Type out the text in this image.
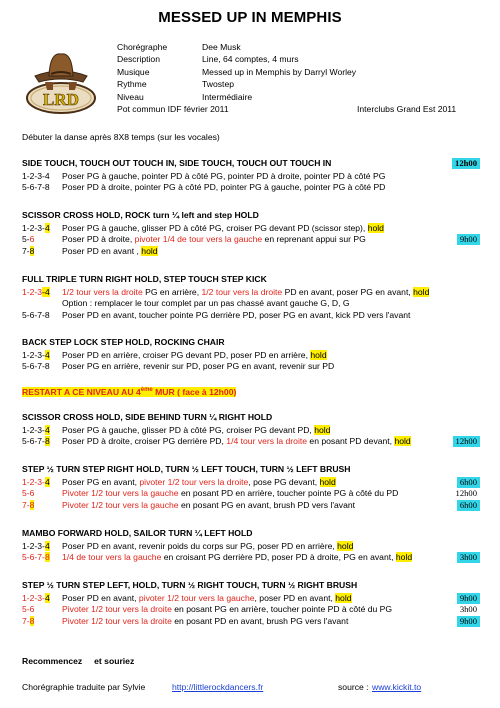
MESSED UP IN MEMPHIS
LRD
Chorégraphe	Dee Musk
Description	Line, 64 comptes, 4 murs
Musique	Messed up in Memphis by Darryl Worley
Rythme	Twostep
Niveau	Intermédiaire
Pot commun IDF février 2011	Interclubs Grand Est 2011
Débuter la danse après 8X8 temps (sur les vocales)
SIDE TOUCH, TOUCH OUT TOUCH IN, SIDE TOUCH, TOUCH OUT TOUCH IN	12h00
1-2-3-4 Poser PG à gauche, pointer PD à côté PG, pointer PD à droite, pointer PD à côté PG
5-6-7-8 Poser PD à droite, pointer PG à côté PD, pointer PG à gauche, pointer PG à côté PD
SCISSOR CROSS HOLD, ROCK turn ¼ left and step HOLD
1-2-3-4 Poser PG à gauche, glisser PD à côté PG, croiser PG devant PD (scissor step), hold
5-6	Poser PD à droite, pivoter 1/4 de tour vers la gauche en reprenant appui sur PG	9h00
7-8	Poser PD en avant , hold
FULL TRIPLE TURN RIGHT HOLD, STEP TOUCH STEP KICK
1-2-3-4 1/2 tour vers la droite PG en arrière, 1/2 tour vers la droite PD en avant, poser PG en avant, hold
Option : remplacer le tour complet par un pas chassé avant gauche G, D, G
5-6-7-8 Poser PD en avant, toucher pointe PG derrière PD, poser PG en avant, kick PD vers l'avant
BACK STEP LOCK STEP HOLD, ROCKING CHAIR
1-2-3-4 Poser PD en arrière, croiser PG devant PD, poser PD en arrière, hold
5-6-7-8 Poser PG en arrière, revenir sur PD, poser PG en avant, revenir sur PD
RESTART A CE NIVEAU AU 4ème MUR ( face à 12h00)
SCISSOR CROSS HOLD, SIDE BEHIND TURN ¼ RIGHT HOLD
1-2-3-4 Poser PG à gauche, glisser PD à côté PG, croiser PG devant PD, hold
5-6-7-8 Poser PD à droite, croiser PG derrière PD, 1/4 tour vers la droite en posant PD devant, hold	12h00
STEP ½ TURN STEP RIGHT HOLD, TURN ½ LEFT TOUCH, TURN ½ LEFT BRUSH
1-2-3-4 Poser PG en avant, pivoter 1/2 tour vers la droite, pose PG devant, hold	6h00
5-6	Pivoter 1/2 tour vers la gauche en posant PD en arrière, toucher pointe PG à côté du PD	12h00
7-8	Pivoter 1/2 tour vers la gauche en posant PG en avant, brush PD vers l'avant	6h00
MAMBO FORWARD HOLD, SAILOR TURN ¼ LEFT HOLD
1-2-3-4 Poser PD en avant, revenir poids du corps sur PG, poser PD en arrière, hold
5-6-7-8 1/4 de tour vers la gauche en croisant PG derrière PD, poser PD à droite, PG en avant, hold	3h00
STEP ½ TURN STEP LEFT, HOLD, TURN ½ RIGHT TOUCH, TURN ½ RIGHT BRUSH
1-2-3-4 Poser PD en avant, pivoter 1/2 tour vers la gauche, poser PD en avant, hold	9h00
5-6	Pivoter 1/2 tour vers la droite en posant PG en arrière, toucher pointe PD à côté du PG	3h00
7-8	Pivoter 1/2 tour vers la droite en posant PD en avant, brush PG vers l'avant	9h00
Recommencez et souriez
Chorégraphie traduite par Sylvie	http://littlerockdancers.fr	source : www.kickit.to
